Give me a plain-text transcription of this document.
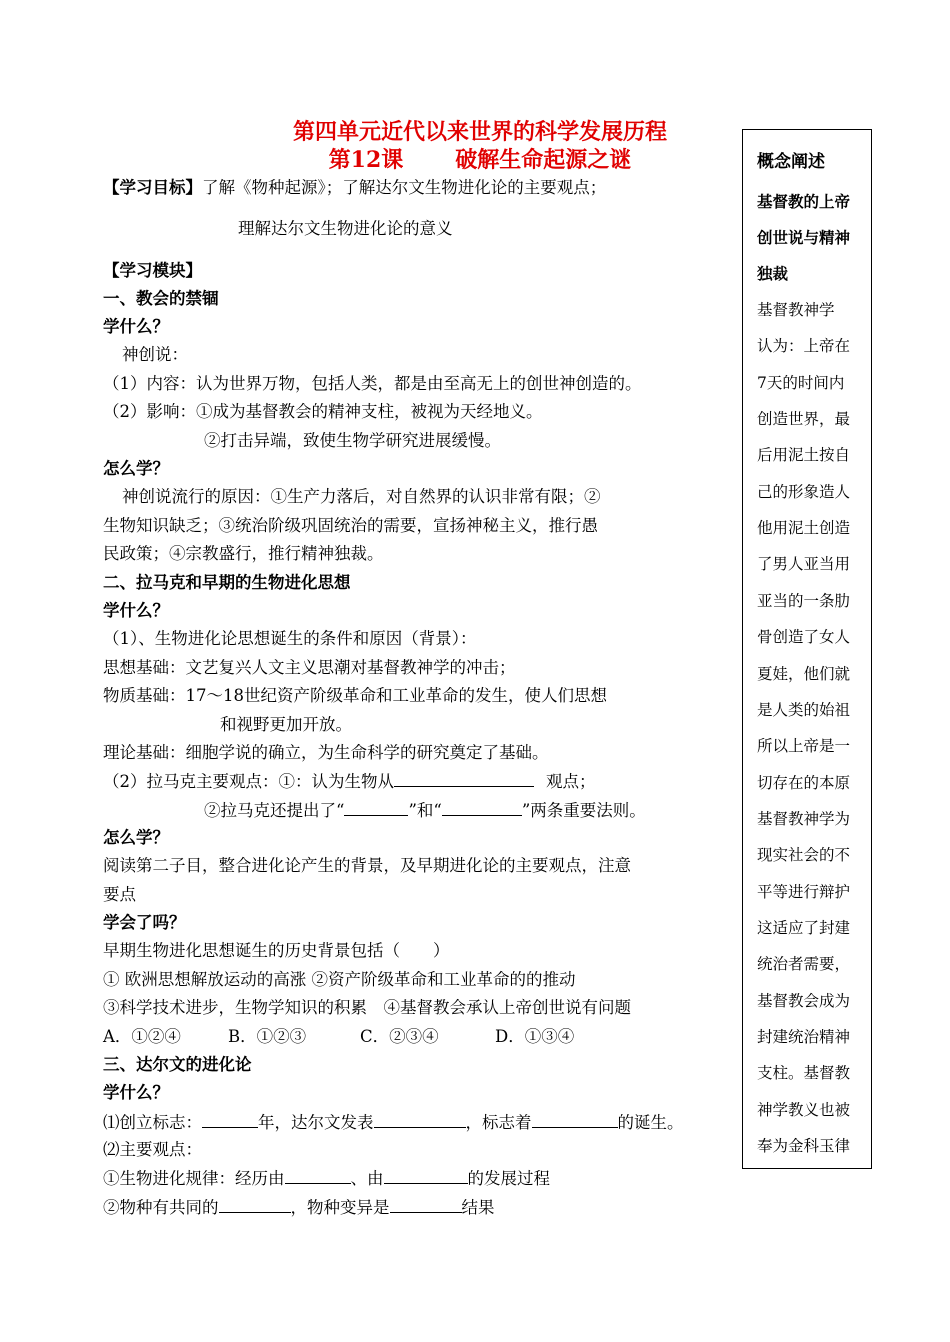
第四单元近代以来世界的科学发展历程
第12课 破解生命起源之谜
【学习目标】了解《物种起源》；了解达尔文生物进化论的主要观点；
理解达尔文生物进化论的意义
【学习模块】
一、教会的禁锢
学什么？
神创说：
（1）内容：认为世界万物，包括人类，都是由至高无上的创世神创造的。
（2）影响：①成为基督教会的精神支柱，被视为天经地义。
②打击异端，致使生物学研究进展缓慢。
怎么学？
神创说流行的原因：①生产力落后，对自然界的认识非常有限；②
生物知识缺乏；③统治阶级巩固统治的需要，宣扬神秘主义，推行愚
民政策；④宗教盛行，推行精神独裁。
二、拉马克和早期的生物进化思想
学什么？
（1）、生物进化论思想诞生的条件和原因（背景）：
思想基础：文艺复兴人文主义思潮对基督教神学的冲击；
物质基础：17～18世纪资产阶级革命和工业革命的发生，使人们思想
和视野更加开放。
理论基础：细胞学说的确立，为生命科学的研究奠定了基础。
（2）拉马克主要观点：①：认为生物从	观点；
②拉马克还提出了“	”和“	”两条重要法则。
怎么学？
阅读第二子目，整合进化论产生的背景，及早期进化论的主要观点，注意
要点
学会了吗？
早期生物进化思想诞生的历史背景包括（　　）
① 欧洲思想解放运动的高涨 ②资产阶级革命和工业革命的的推动
③科学技术进步，生物学知识的积累　④基督教会承认上帝创世说有问题
A．①②④	B．①②③	C．②③④	D．①③④
三、达尔文的进化论
学什么？
⑴创立标志：	年，达尔文发表	，标志着	的诞生。
⑵主要观点：
①生物进化规律：经历由	、由	的发展过程
②物种有共同的	，物种变异是	结果
概念阐述
基督教的上帝
创世说与精神
独裁
基督教神学
认为：上帝在
7天的时间内
创造世界，最
后用泥土按自
己的形象造人
他用泥土创造
了男人亚当用
亚当的一条肋
骨创造了女人
夏娃，他们就
是人类的始祖
所以上帝是一
切存在的本原
基督教神学为
现实社会的不
平等进行辩护
这适应了封建
统治者需要，
基督教会成为
封建统治精神
支柱。基督教
神学教义也被
奉为金科玉律
